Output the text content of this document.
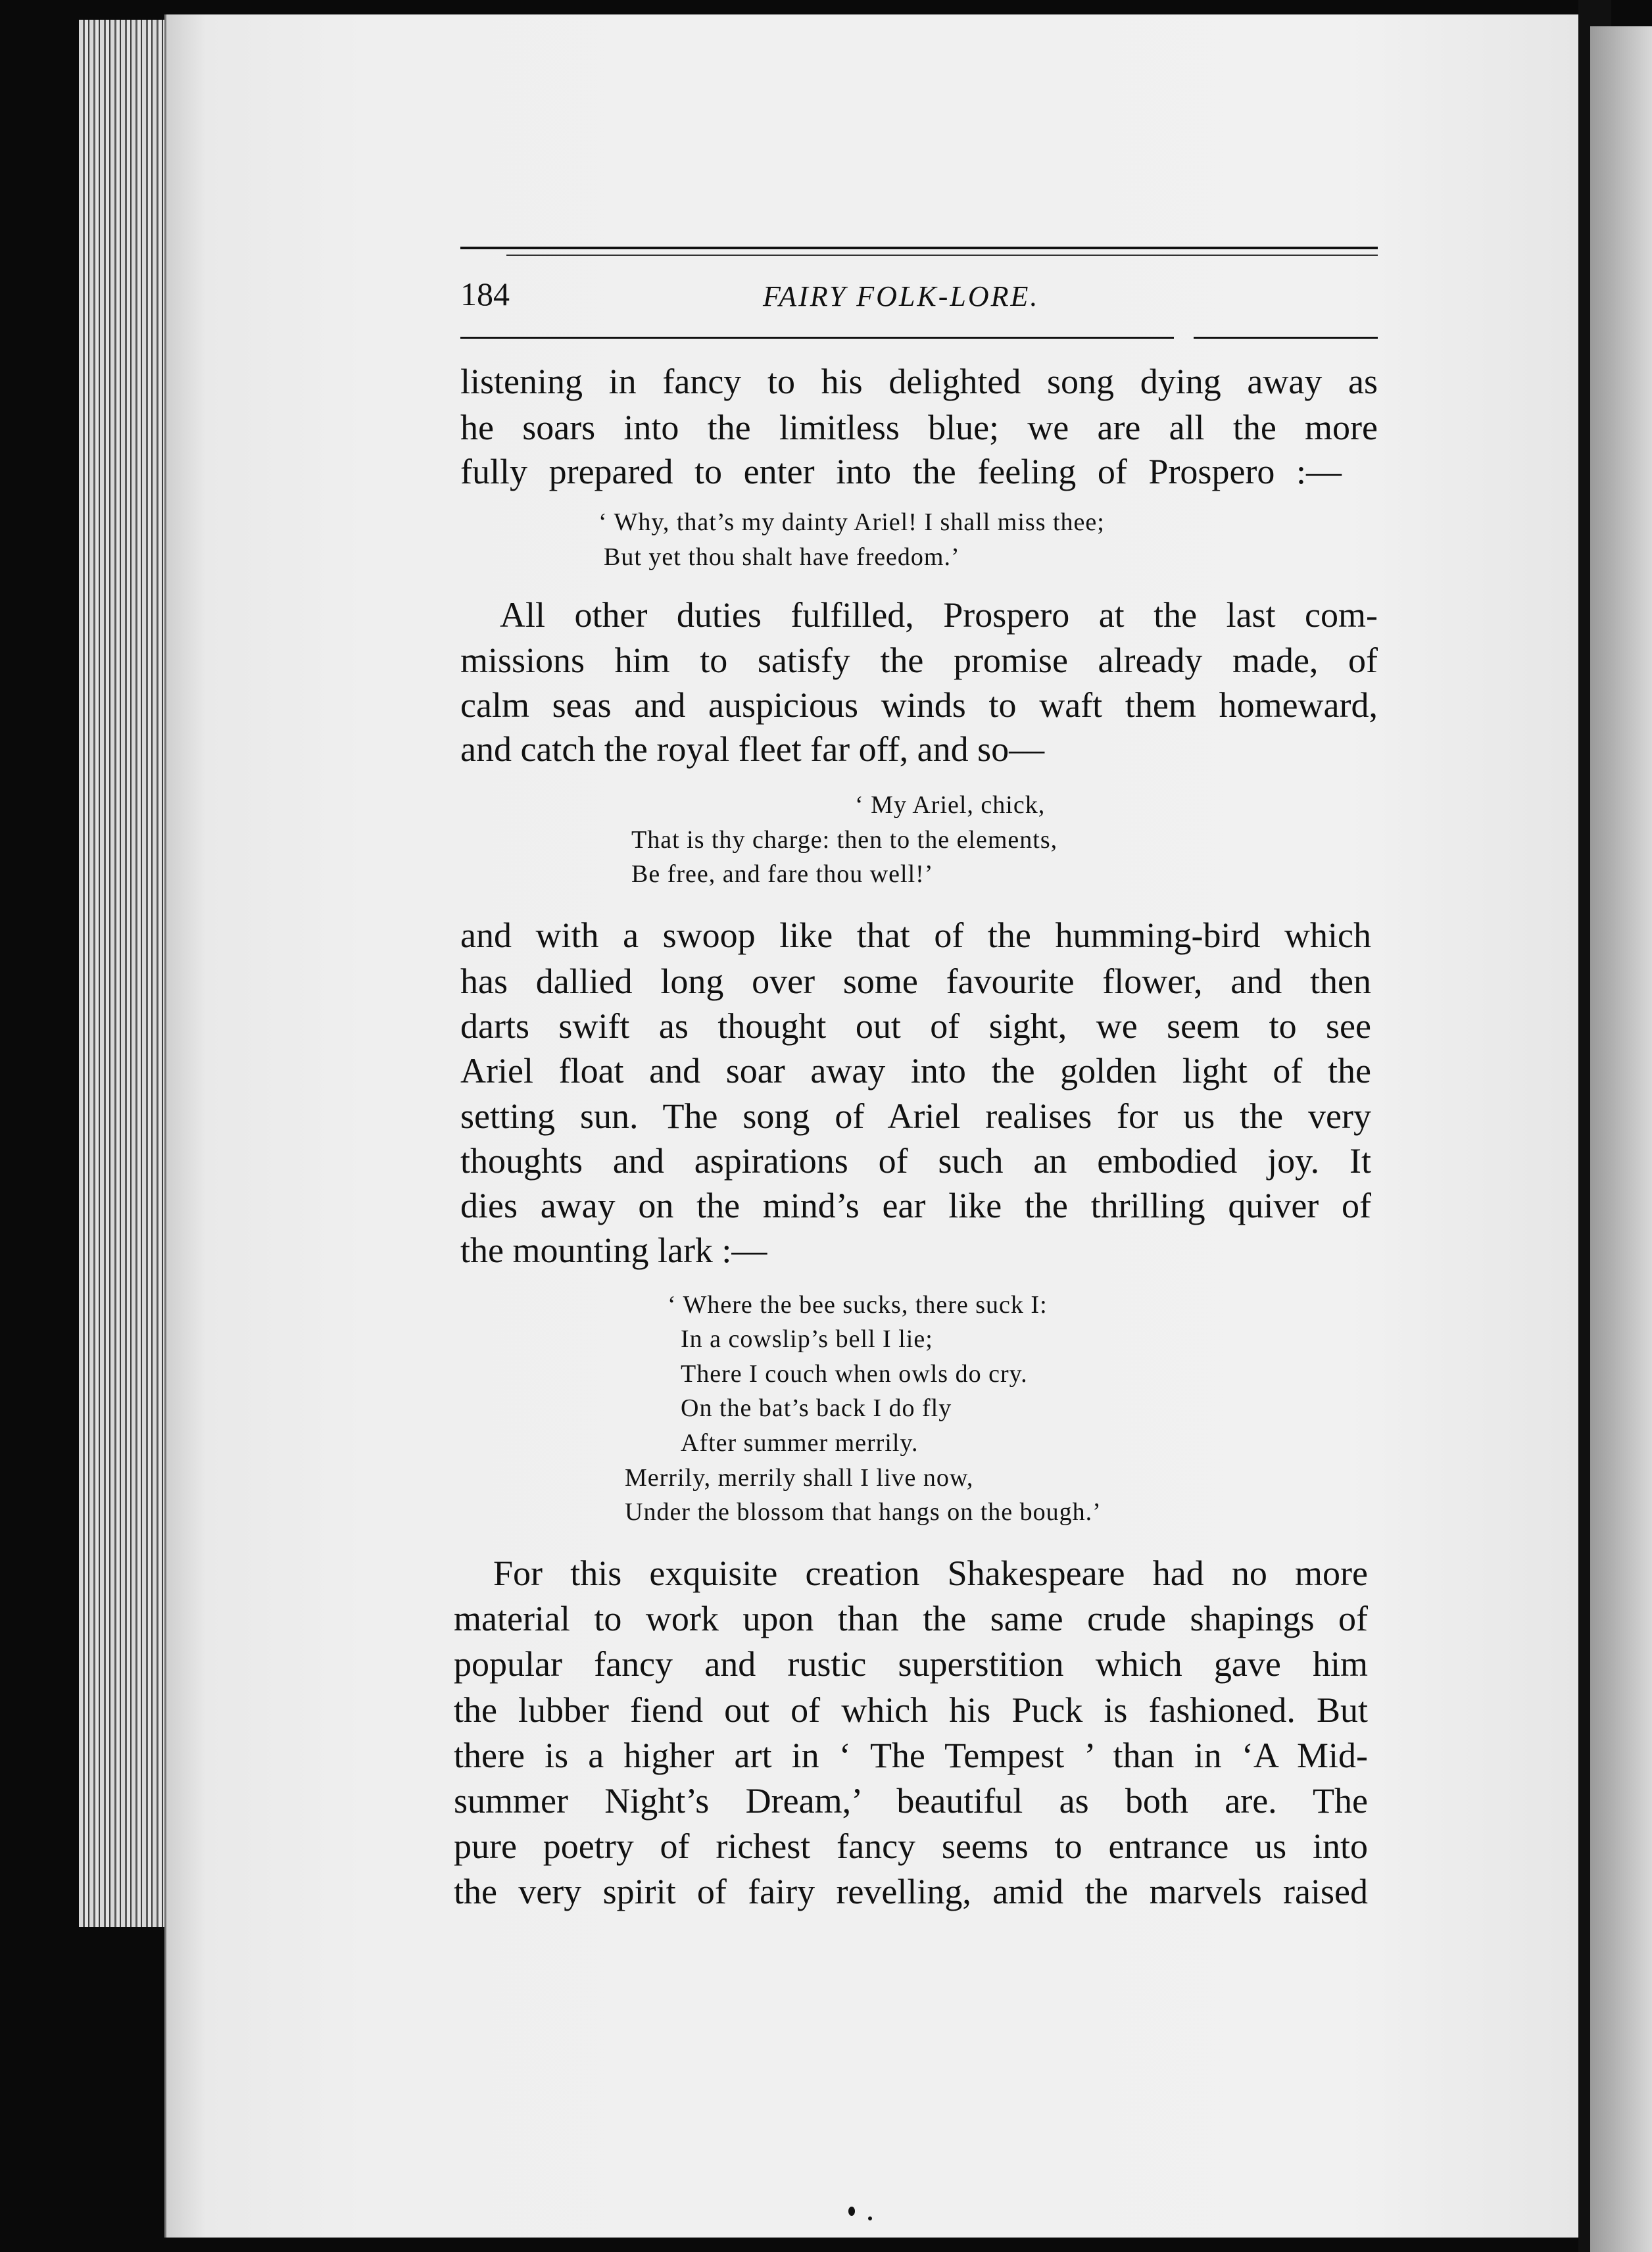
184	FAIRY FOLK-LORE.
listening in fancy to his delighted song dying away as
he soars into the limitless blue; we are all the more
fully prepared to enter into the feeling of Prospero :—
‘ Why, that’s my dainty Ariel! I shall miss thee;
But yet thou shalt have freedom.’
All other duties fulfilled, Prospero at the last com-
missions him to satisfy the promise already made, of
calm seas and auspicious winds to waft them homeward,
and catch the royal fleet far off, and so—
‘ My Ariel, chick,
That is thy charge: then to the elements,
Be free, and fare thou well!’
and with a swoop like that of the humming-bird which
has dallied long over some favourite flower, and then
darts swift as thought out of sight, we seem to see
Ariel float and soar away into the golden light of the
setting sun. The song of Ariel realises for us the very
thoughts and aspirations of such an embodied joy. It
dies away on the mind’s ear like the thrilling quiver of
the mounting lark :—
‘ Where the bee sucks, there suck I:
In a cowslip’s bell I lie;
There I couch when owls do cry.
On the bat’s back I do fly
After summer merrily.
Merrily, merrily shall I live now,
Under the blossom that hangs on the bough.’
For this exquisite creation Shakespeare had no more
material to work upon than the same crude shapings of
popular fancy and rustic superstition which gave him
the lubber fiend out of which his Puck is fashioned. But
there is a higher art in ‘ The Tempest ’ than in ‘A Mid-
summer Night’s Dream,’ beautiful as both are. The
pure poetry of richest fancy seems to entrance us into
the very spirit of fairy revelling, amid the marvels raised
